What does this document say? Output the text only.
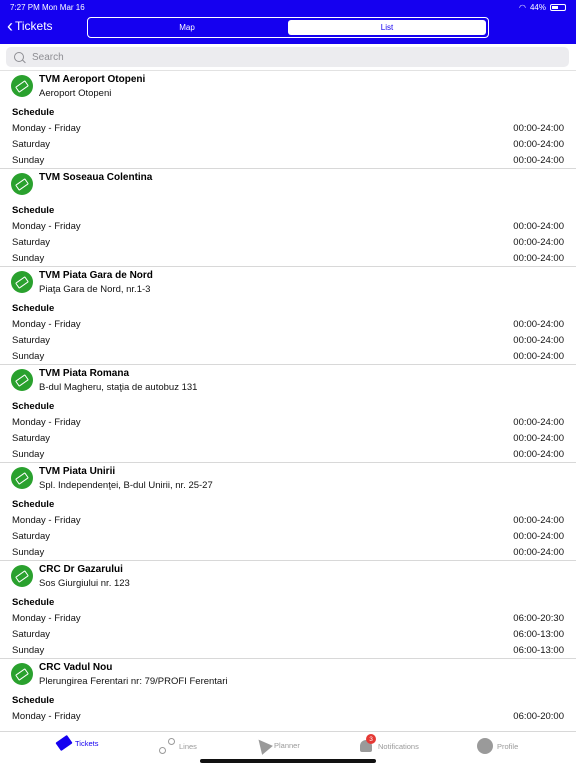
7:27 PM Mon Mar 16	◠ 44%
‹ Tickets	Map	List
Search
TVM Aeroport Otopeni
Aeroport Otopeni
Schedule
Monday - Friday	00:00-24:00
Saturday	00:00-24:00
Sunday	00:00-24:00
TVM Soseaua Colentina
Schedule
Monday - Friday	00:00-24:00
Saturday	00:00-24:00
Sunday	00:00-24:00
TVM Piata Gara de Nord
Piaţa Gara de Nord, nr.1-3
Schedule
Monday - Friday	00:00-24:00
Saturday	00:00-24:00
Sunday	00:00-24:00
TVM Piata Romana
B-dul Magheru, staţia de autobuz 131
Schedule
Monday - Friday	00:00-24:00
Saturday	00:00-24:00
Sunday	00:00-24:00
TVM Piata Unirii
Spl. Independenţei, B-dul Unirii, nr. 25-27
Schedule
Monday - Friday	00:00-24:00
Saturday	00:00-24:00
Sunday	00:00-24:00
CRC Dr Gazarului
Sos Giurgiului nr. 123
Schedule
Monday - Friday	06:00-20:30
Saturday	06:00-13:00
Sunday	06:00-13:00
CRC Vadul Nou
Plerungirea Ferentari nr: 79/PROFI Ferentari
Schedule
Monday - Friday	06:00-20:00
Tickets	Lines	Planner
3
Notifications	Profile
